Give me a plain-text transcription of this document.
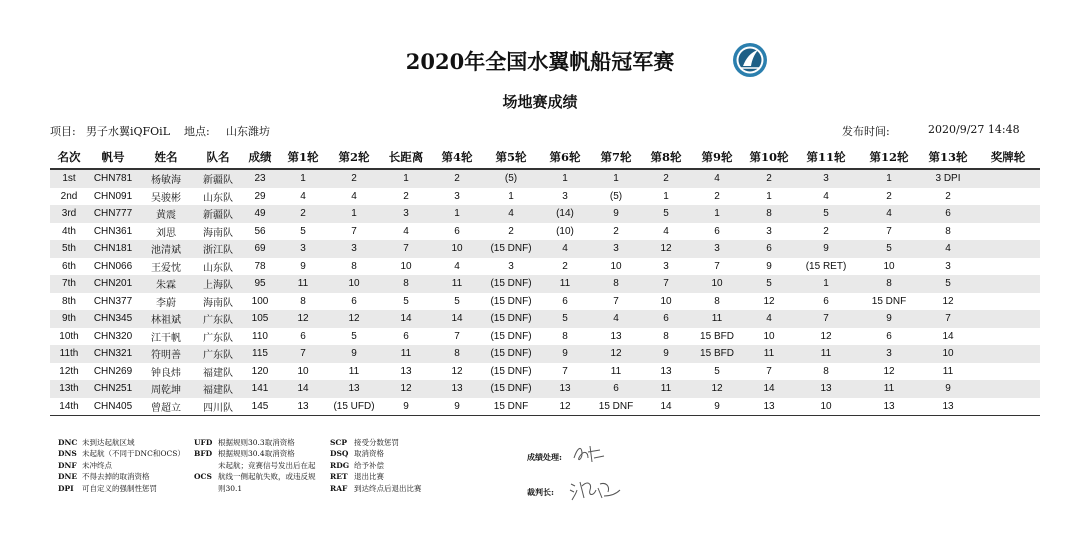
2020年全国水翼帆船冠军赛
场地赛成绩
项目: 男子水翼iQFOiL 地点: 山东潍坊	发布时间:	2020/9/27 14:48
名次	帆号	姓名	队名	成绩	第1轮	第2轮	长距离	第4轮	第5轮	第6轮	第7轮	第8轮	第9轮	第10轮	第11轮	第12轮	第13轮	奖牌轮
1st	CHN781	杨敏海	新疆队	23	1	2	1	2	(5)	1	1	2	4	2	3	1	3 DPI	
2nd	CHN091	吴骏彬	山东队	29	4	4	2	3	1	3	(5)	1	2	1	4	2	2	
3rd	CHN777	黄震	新疆队	49	2	1	3	1	4	(14)	9	5	1	8	5	4	6	
4th	CHN361	刘思	海南队	56	5	7	4	6	2	(10)	2	4	6	3	2	7	8	
5th	CHN181	池清斌	浙江队	69	3	3	7	10	(15 DNF)	4	3	12	3	6	9	5	4	
6th	CHN066	王爱忱	山东队	78	9	8	10	4	3	2	10	3	7	9	(15 RET)	10	3	
7th	CHN201	朱霖	上海队	95	11	10	8	11	(15 DNF)	11	8	7	10	5	1	8	5	
8th	CHN377	李蔚	海南队	100	8	6	5	5	(15 DNF)	6	7	10	8	12	6	15 DNF	12	
9th	CHN345	林祖斌	广东队	105	12	12	14	14	(15 DNF)	5	4	6	11	4	7	9	7	
10th	CHN320	江干帆	广东队	110	6	5	6	7	(15 DNF)	8	13	8	15 BFD	10	12	6	14	
11th	CHN321	符明善	广东队	115	7	9	11	8	(15 DNF)	9	12	9	15 BFD	11	11	3	10	
12th	CHN269	钟良炜	福建队	120	10	11	13	12	(15 DNF)	7	11	13	5	7	8	12	11	
13th	CHN251	周乾坤	福建队	141	14	13	12	13	(15 DNF)	13	6	11	12	14	13	11	9	
14th	CHN405	曾超立	四川队	145	13	(15 UFD)	9	9	15 DNF	12	15 DNF	14	9	13	10	13	13	
DNC 未到达起航区域
DNS 未起航（不同于DNC和OCS）
DNF 未冲终点
DNE 不得去掉的取消资格
DPI 可自定义的强制性惩罚
UFD 根据规则30.3取消资格
BFD 根据规则30.4取消资格
未起航；竞赛信号发出后在起
OCS 航线一侧起航失败，或违反规
则30.1
SCP 接受分数惩罚
DSQ 取消资格
RDG 给予补偿
RET 退出比赛
RAF 到达终点后退出比赛
成绩处理:
裁判长:
